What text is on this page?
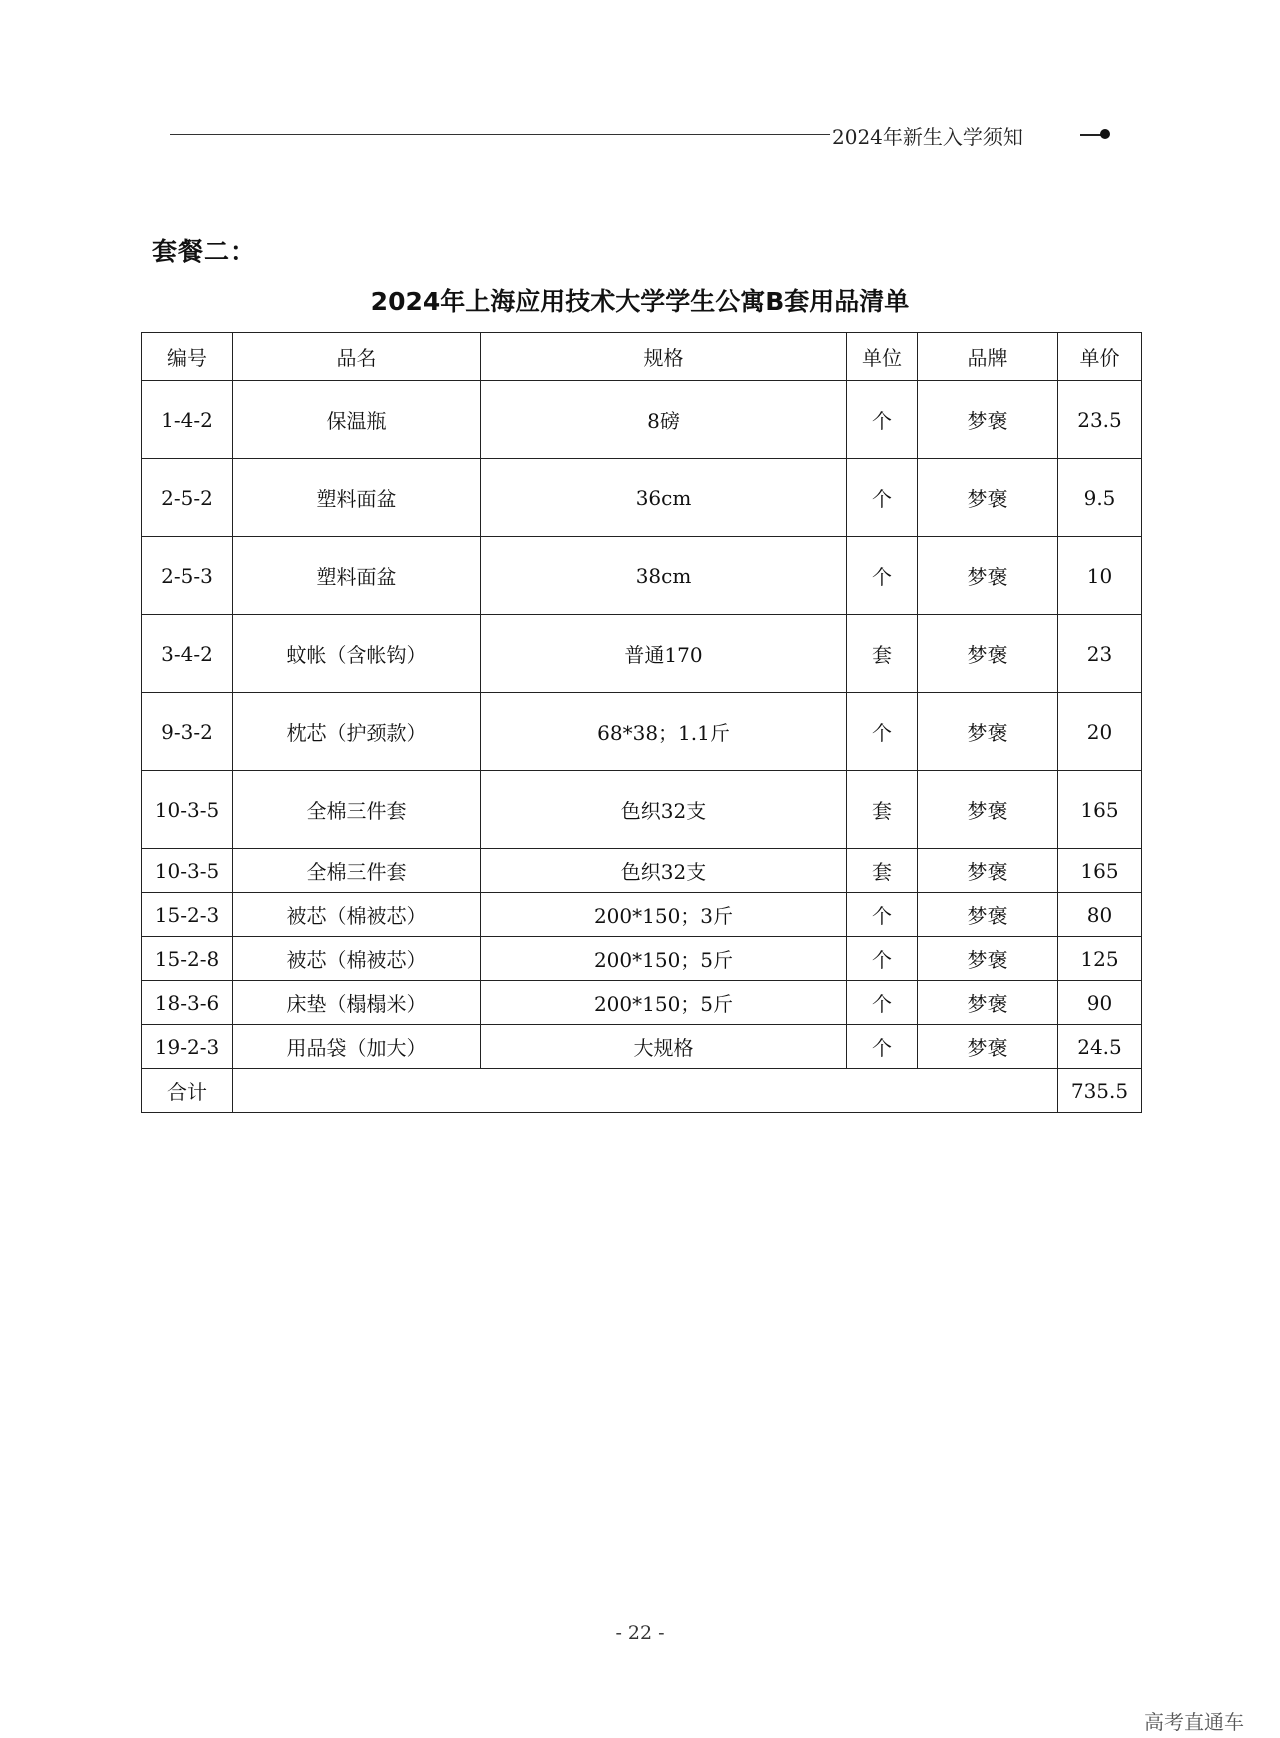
2024年新生入学须知
套餐二：
2024年上海应用技术大学学生公寓B套用品清单
编号	品名	规格	单位	品牌	单价
1-4-2	保温瓶	8磅	个	梦褒	23.5
2-5-2	塑料面盆	36cm	个	梦褒	9.5
2-5-3	塑料面盆	38cm	个	梦褒	10
3-4-2	蚊帐（含帐钩）	普通170	套	梦褒	23
9-3-2	枕芯（护颈款）	68*38；1.1斤	个	梦褒	20
10-3-5	全棉三件套	色织32支	套	梦褒	165
10-3-5	全棉三件套	色织32支	套	梦褒	165
15-2-3	被芯（棉被芯）	200*150；3斤	个	梦褒	80
15-2-8	被芯（棉被芯）	200*150；5斤	个	梦褒	125
18-3-6	床垫（榻榻米）	200*150；5斤	个	梦褒	90
19-2-3	用品袋（加大）	大规格	个	梦褒	24.5
合计					735.5
- 22 -
高考直通车
